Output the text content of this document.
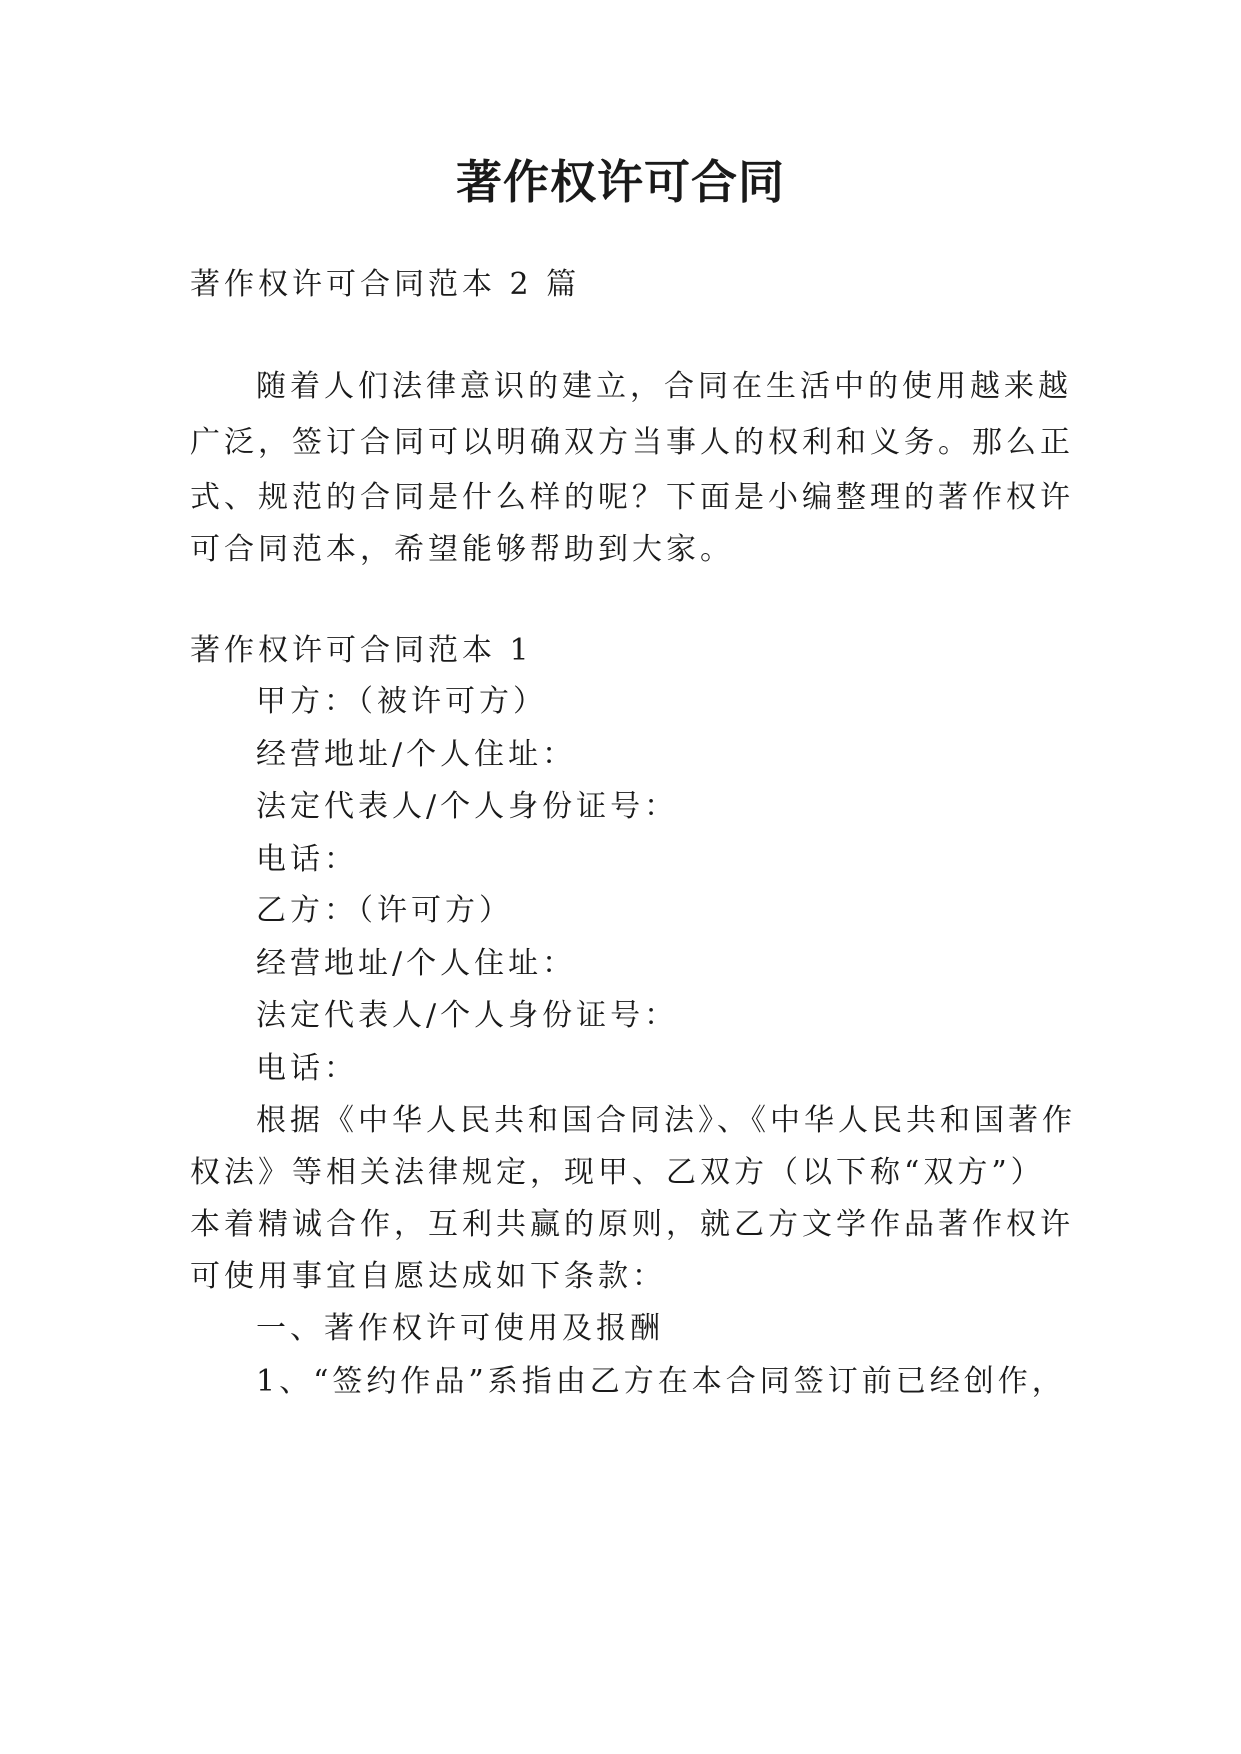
著作权许可合同
著作权许可合同范本 2 篇
随着人们法律意识的建立，合同在生活中的使用越来越
广泛，签订合同可以明确双方当事人的权利和义务。那么正
式、规范的合同是什么样的呢？下面是小编整理的著作权许
可合同范本，希望能够帮助到大家。
著作权许可合同范本 1
甲方：（被许可方）
经营地址/个人住址：
法定代表人/个人身份证号：
电话：
乙方：（许可方）
经营地址/个人住址：
法定代表人/个人身份证号：
电话：
根据《中华人民共和国合同法》、《中华人民共和国著作
权法》等相关法律规定，现甲、乙双方（以下称“双方”）
本着精诚合作，互利共赢的原则，就乙方文学作品著作权许
可使用事宜自愿达成如下条款：
一、著作权许可使用及报酬
1、“签约作品”系指由乙方在本合同签订前已经创作，
